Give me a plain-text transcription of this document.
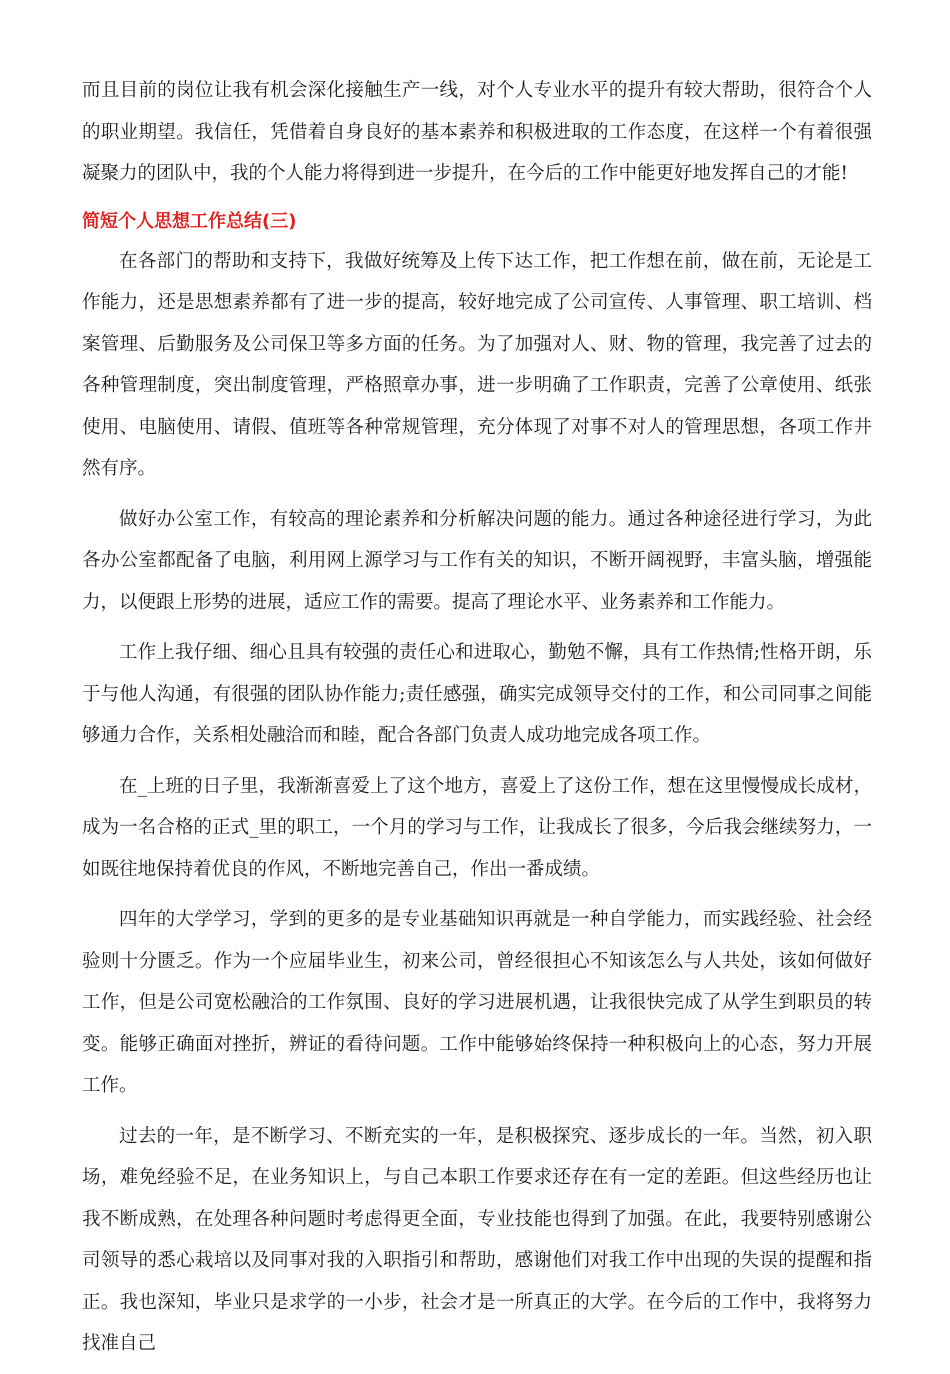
而且目前的岗位让我有机会深化接触生产一线，对个人专业水平的提升有较大帮助，很符合个人的职业期望。我信任，凭借着自身良好的基本素养和积极进取的工作态度，在这样一个有着很强凝聚力的团队中，我的个人能力将得到进一步提升，在今后的工作中能更好地发挥自己的才能!

简短个人思想工作总结(三)

在各部门的帮助和支持下，我做好统筹及上传下达工作，把工作想在前，做在前，无论是工作能力，还是思想素养都有了进一步的提高，较好地完成了公司宣传、人事管理、职工培训、档案管理、后勤服务及公司保卫等多方面的任务。为了加强对人、财、物的管理，我完善了过去的各种管理制度，突出制度管理，严格照章办事，进一步明确了工作职责，完善了公章使用、纸张使用、电脑使用、请假、值班等各种常规管理，充分体现了对事不对人的管理思想，各项工作井然有序。

做好办公室工作，有较高的理论素养和分析解决问题的能力。通过各种途径进行学习，为此各办公室都配备了电脑，利用网上源学习与工作有关的知识，不断开阔视野，丰富头脑，增强能力，以便跟上形势的进展，适应工作的需要。提高了理论水平、业务素养和工作能力。

工作上我仔细、细心且具有较强的责任心和进取心，勤勉不懈，具有工作热情;性格开朗，乐于与他人沟通，有很强的团队协作能力;责任感强，确实完成领导交付的工作，和公司同事之间能够通力合作，关系相处融洽而和睦，配合各部门负责人成功地完成各项工作。

在_上班的日子里，我渐渐喜爱上了这个地方，喜爱上了这份工作，想在这里慢慢成长成材，成为一名合格的正式_里的职工，一个月的学习与工作，让我成长了很多，今后我会继续努力，一如既往地保持着优良的作风，不断地完善自己，作出一番成绩。

四年的大学学习，学到的更多的是专业基础知识再就是一种自学能力，而实践经验、社会经验则十分匮乏。作为一个应届毕业生，初来公司，曾经很担心不知该怎么与人共处，该如何做好工作，但是公司宽松融洽的工作氛围、良好的学习进展机遇，让我很快完成了从学生到职员的转变。能够正确面对挫折，辨证的看待问题。工作中能够始终保持一种积极向上的心态，努力开展工作。

过去的一年，是不断学习、不断充实的一年，是积极探究、逐步成长的一年。当然，初入职场，难免经验不足，在业务知识上，与自己本职工作要求还存在有一定的差距。但这些经历也让我不断成熟，在处理各种问题时考虑得更全面，专业技能也得到了加强。在此，我要特别感谢公司领导的悉心栽培以及同事对我的入职指引和帮助，感谢他们对我工作中出现的失误的提醒和指正。我也深知，毕业只是求学的一小步，社会才是一所真正的大学。在今后的工作中，我将努力找准自己
